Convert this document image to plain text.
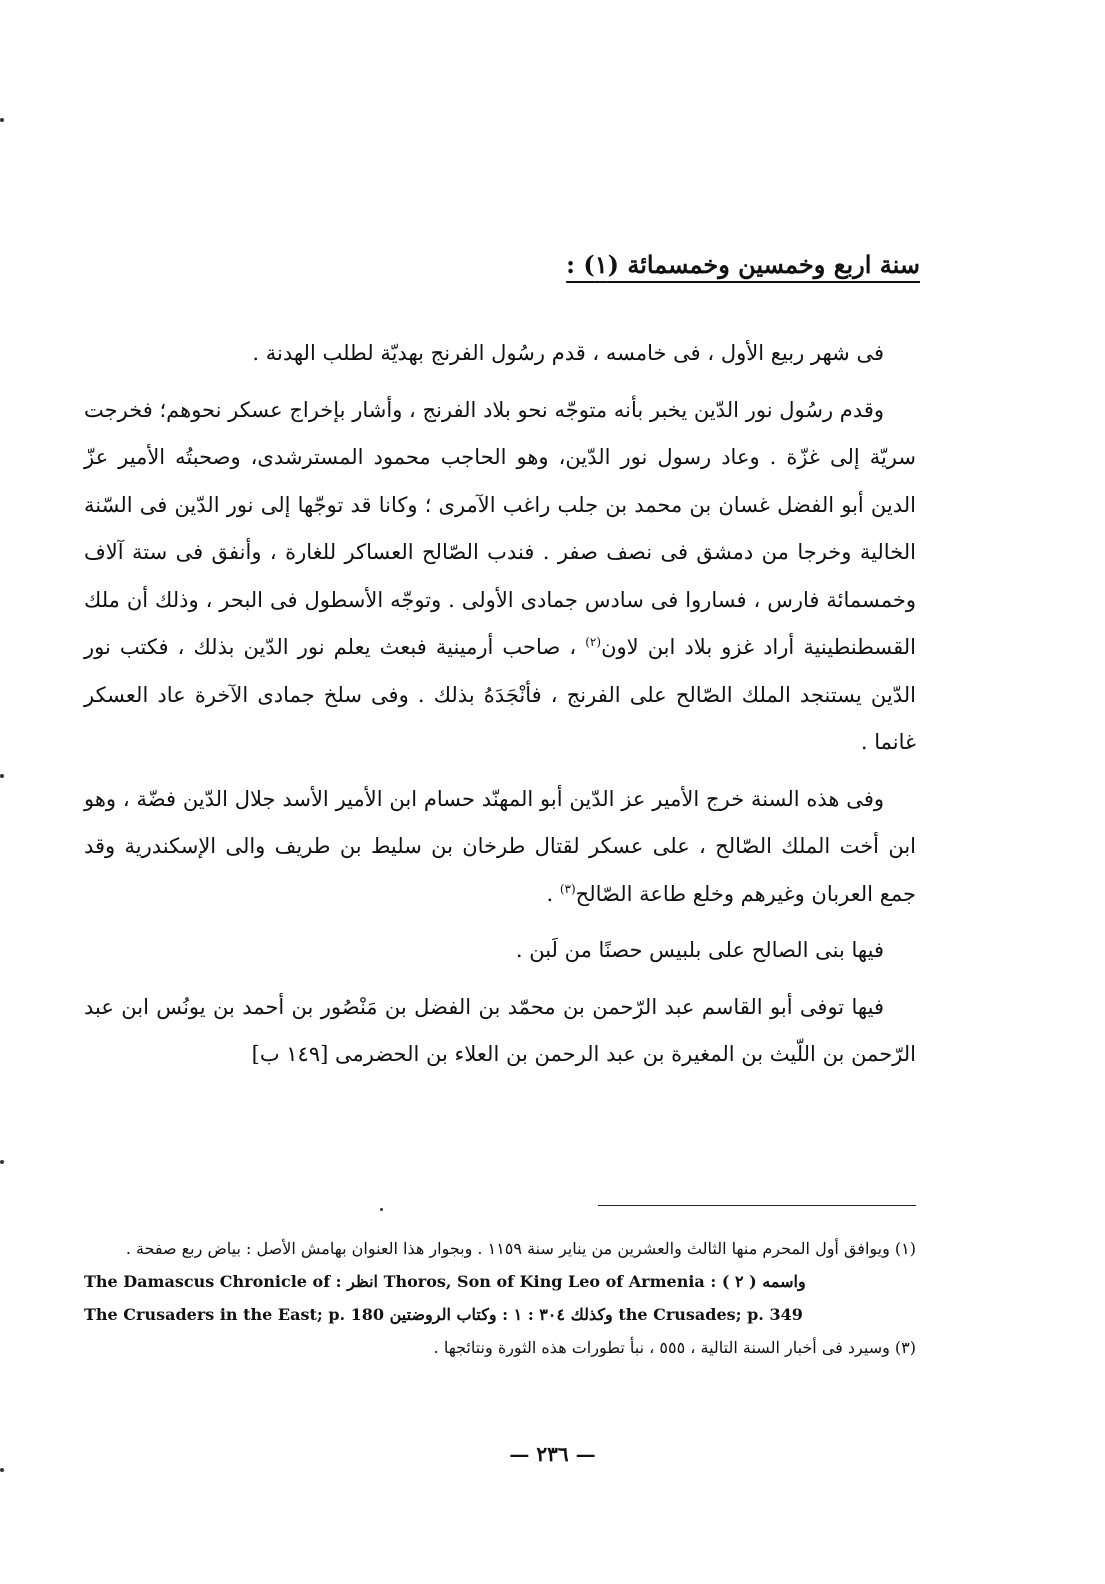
سنة اربع وخمسين وخمسمائة (١) :

فى شهر ربيع الأول ، فى خامسه ، قدم رسُول الفرنج بهديّة لطلب الهدنة .

وقدم رسُول نور الدّين يخبر بأنه متوجّه نحو بلاد الفرنج ، وأشار بإخراج عسكر نحوهم؛ فخرجت سريّة إلى غزّة . وعاد رسول نور الدّين، وهو الحاجب محمود المسترشدى، وصحبتُه الأمير عزّ الدين أبو الفضل غسان بن محمد بن جلب راغب الآمرى ؛ وكانا قد توجّها إلى نور الدّين فى السّنة الخالية وخرجا من دمشق فى نصف صفر . فندب الصّالح العساكر للغارة ، وأنفق فى ستة آلاف وخمسمائة فارس ، فساروا فى سادس جمادى الأولى . وتوجّه الأسطول فى البحر ، وذلك أن ملك القسطنطينية أراد غزو بلاد ابن لاون$^{(٢)}$ ، صاحب أرمينية فبعث يعلم نور الدّين بذلك ، فكتب نور الدّين يستنجد الملك الصّالح على الفرنج ، فأنْجَدَهُ بذلك . وفى سلخ جمادى الآخرة عاد العسكر غانما .

وفى هذه السنة خرج الأمير عز الدّين أبو المهنّد حسام ابن الأمير الأسد جلال الدّين فضّة ، وهو ابن أخت الملك الصّالح ، على عسكر لقتال طرخان بن سليط بن طريف والى الإسكندرية وقد جمع العربان وغيرهم وخلع طاعة الصّالح$^{(٣)}$ .

فيها بنى الصالح على بلبيس حصنًا من لَبن .

فيها توفى أبو القاسم عبد الرّحمن بن محمّد بن الفضل بن مَنْصُور بن أحمد بن يونُس ابن عبد الرّحمن بن اللّيث بن المغيرة بن عبد الرحمن بن العلاء بن الحضرمى [١٤٩ ب]

(١) ويوافق أول المحرم منها الثالث والعشرين من يناير سنة ١١٥٩ . وبجوار هذا العنوان بهامش الأصل : بياض ربع صفحة .

The Damascus Chronicle of : انظر Thoros, Son of King Leo of Armenia : واسمه ( ٢ )

The Crusaders in the East; p. 180 وكذلك ٣٠٤ : ١ : وكتاب الروضتين the Crusades; p. 349

(٣) وسيرد فى أخبار السنة التالية ، ٥٥٥ ، نبأ تطورات هذه الثورة ونتائجها .

— ٢٣٦ —
